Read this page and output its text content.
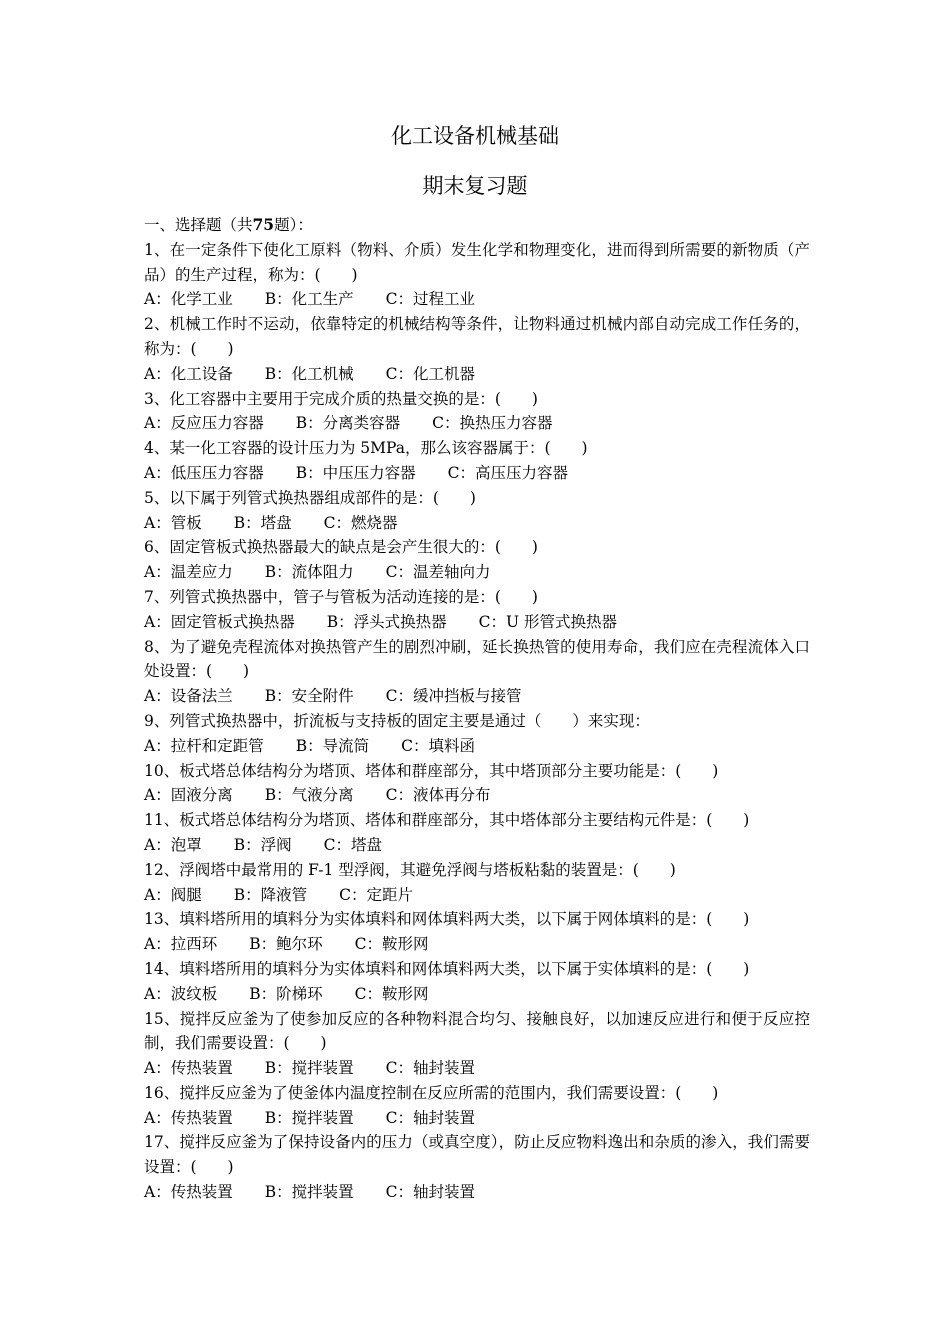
化工设备机械基础
期末复习题
一、选择题（共75题）：
1、在一定条件下使化工原料（物料、介质）发生化学和物理变化，进而得到所需要的新物质（产品）的生产过程，称为：(　　)
A：化学工业 B：化工生产 C：过程工业
2、机械工作时不运动，依靠特定的机械结构等条件，让物料通过机械内部自动完成工作任务的，称为：(　　)
A：化工设备 B：化工机械 C：化工机器
3、化工容器中主要用于完成介质的热量交换的是：(　　)
A：反应压力容器 B：分离类容器 C：换热压力容器
4、某一化工容器的设计压力为 5MPa，那么该容器属于：(　　)
A：低压压力容器 B：中压压力容器 C：高压压力容器
5、以下属于列管式换热器组成部件的是：(　　)
A：管板 B：塔盘 C：燃烧器
6、固定管板式换热器最大的缺点是会产生很大的：(　　)
A：温差应力 B：流体阻力 C：温差轴向力
7、列管式换热器中，管子与管板为活动连接的是：(　　)
A：固定管板式换热器 B：浮头式换热器 C：U 形管式换热器
8、为了避免壳程流体对换热管产生的剧烈冲刷，延长换热管的使用寿命，我们应在壳程流体入口处设置：(　　)
A：设备法兰 B：安全附件 C：缓冲挡板与接管
9、列管式换热器中，折流板与支持板的固定主要是通过（　　）来实现：
A：拉杆和定距管 B：导流筒 C：填料函
10、板式塔总体结构分为塔顶、塔体和群座部分，其中塔顶部分主要功能是：(　　)
A：固液分离 B：气液分离 C：液体再分布
11、板式塔总体结构分为塔顶、塔体和群座部分，其中塔体部分主要结构元件是：(　　)
A：泡罩 B：浮阀 C：塔盘
12、浮阀塔中最常用的 F-1 型浮阀，其避免浮阀与塔板粘黏的装置是：(　　)
A：阀腿 B：降液管 C：定距片
13、填料塔所用的填料分为实体填料和网体填料两大类，以下属于网体填料的是：(　　)
A：拉西环 B：鲍尔环 C：鞍形网
14、填料塔所用的填料分为实体填料和网体填料两大类，以下属于实体填料的是：(　　)
A：波纹板 B：阶梯环 C：鞍形网
15、搅拌反应釜为了使参加反应的各种物料混合均匀、接触良好，以加速反应进行和便于反应控制，我们需要设置：(　　)
A：传热装置 B：搅拌装置 C：轴封装置
16、搅拌反应釜为了使釜体内温度控制在反应所需的范围内，我们需要设置：(　　)
A：传热装置 B：搅拌装置 C：轴封装置
17、搅拌反应釜为了保持设备内的压力（或真空度），防止反应物料逸出和杂质的渗入，我们需要设置：(　　)
A：传热装置 B：搅拌装置 C：轴封装置
